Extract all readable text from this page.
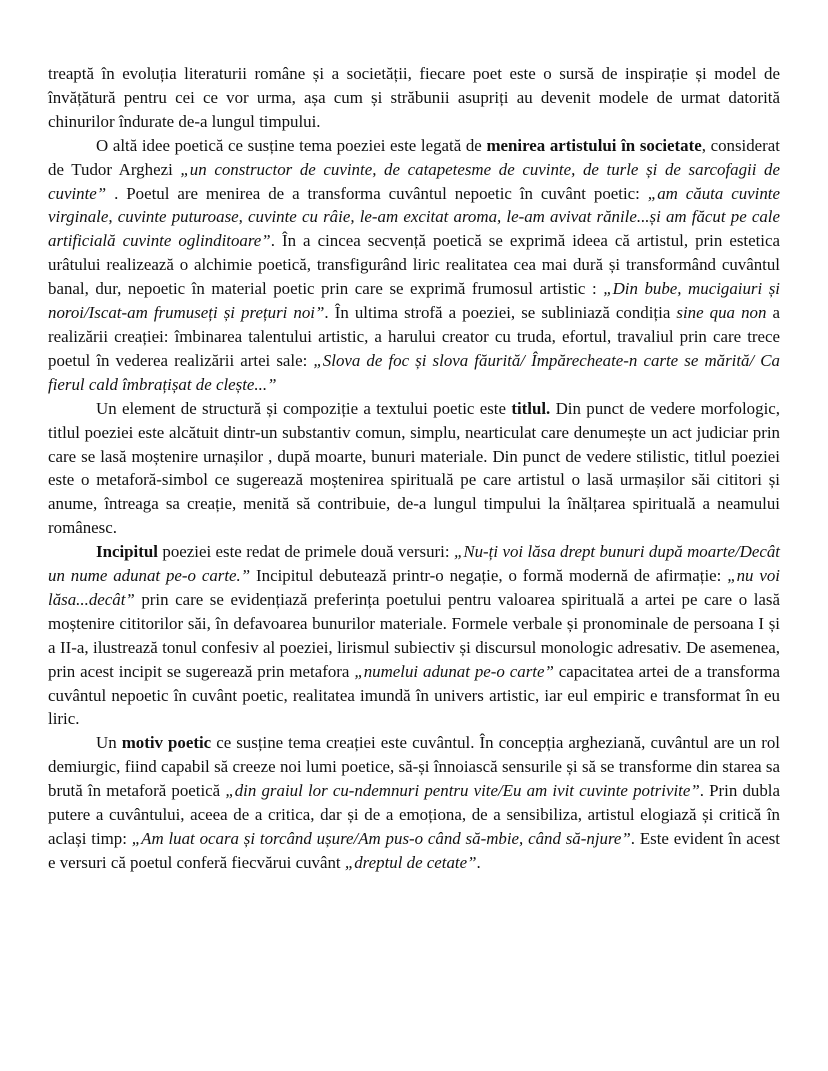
treaptă în evoluția literaturii române și a societății, fiecare poet este o sursă de inspirație și model de învățătură pentru cei ce vor urma, așa cum și străbunii asupriți au devenit modele de urmat datorită chinurilor îndurate de-a lungul timpului.

O altă idee poetică ce susține tema poeziei este legată de menirea artistului în societate, considerat de Tudor Arghezi „un constructor de cuvinte, de catapetesme de cuvinte, de turle și de sarcofagii de cuvinte” . Poetul are menirea de a transforma cuvântul nepoetic în cuvânt poetic: „am căuta cuvinte virginale, cuvinte puturoase, cuvinte cu râie, le-am excitat aroma, le-am avivat rănile...și am făcut pe cale artificială cuvinte oglinditoare”. În a cincea secvență poetică se exprimă ideea că artistul, prin estetica urâtului realizează o alchimie poetică, transfigurând liric realitatea cea mai dură și transformând cuvântul banal, dur, nepoetic în material poetic prin care se exprimă frumosul artistic : „Din bube, mucigaiuri și noroi/Iscat-am frumuseți și prețuri noi”. În ultima strofă a poeziei, se subliniază condiția sine qua non a realizării creației: îmbinarea talentului artistic, a harului creator cu truda, efortul, travaliul prin care trece poetul în vederea realizării artei sale: „Slova de foc și slova făurită/ Împărecheate-n carte se mărită/ Ca fierul cald îmbrațișat de clește...”

Un element de structură și compoziție a textului poetic este titlul. Din punct de vedere morfologic, titlul poeziei este alcătuit dintr-un substantiv comun, simplu, nearticulat care denumește un act judiciar prin care se lasă moștenire urnașilor , după moarte, bunuri materiale. Din punct de vedere stilistic, titlul poeziei este o metaforă-simbol ce sugerează moștenirea spirituală pe care artistul o lasă urmașilor săi cititori și anume, întreaga sa creație, menită să contribuie, de-a lungul timpului la înălțarea spirituală a neamului românesc.

Incipitul poeziei este redat de primele două versuri: „Nu-ți voi lăsa drept bunuri după moarte/Decât un nume adunat pe-o carte.” Incipitul debutează printr-o negație, o formă modernă de afirmație: „nu voi lăsa...decât” prin care se evidențiază preferința poetului pentru valoarea spirituală a artei pe care o lasă moștenire cititorilor săi, în defavoarea bunurilor materiale. Formele verbale și pronominale de persoana I și a II-a, ilustrează tonul confesiv al poeziei, lirismul subiectiv și discursul monologic adresativ. De asemenea, prin acest incipit se sugerează prin metafora „numelui adunat pe-o carte” capacitatea artei de a transforma cuvântul nepoetic în cuvânt poetic, realitatea imundă în univers artistic, iar eul empiric e transformat în eu liric.

Un motiv poetic ce susține tema creației este cuvântul. În concepția argheziană, cuvântul are un rol demiurgic, fiind capabil să creeze noi lumi poetice, să-și înnoiască sensurile și să se transforme din starea sa brută în metaforă poetică „din graiul lor cu-ndemnuri pentru vite/Eu am ivit cuvinte potrivite”. Prin dubla putere a cuvântului, aceea de a critica, dar și de a emoționa, de a sensibiliza, artistul elogiază și critică în aclași timp: „Am luat ocara și torcând ușure/Am pus-o când să-mbie, când să-njure”. Este evident în acest e versuri că poetul conferă fiecvărui cuvânt „dreptul de cetate”.
